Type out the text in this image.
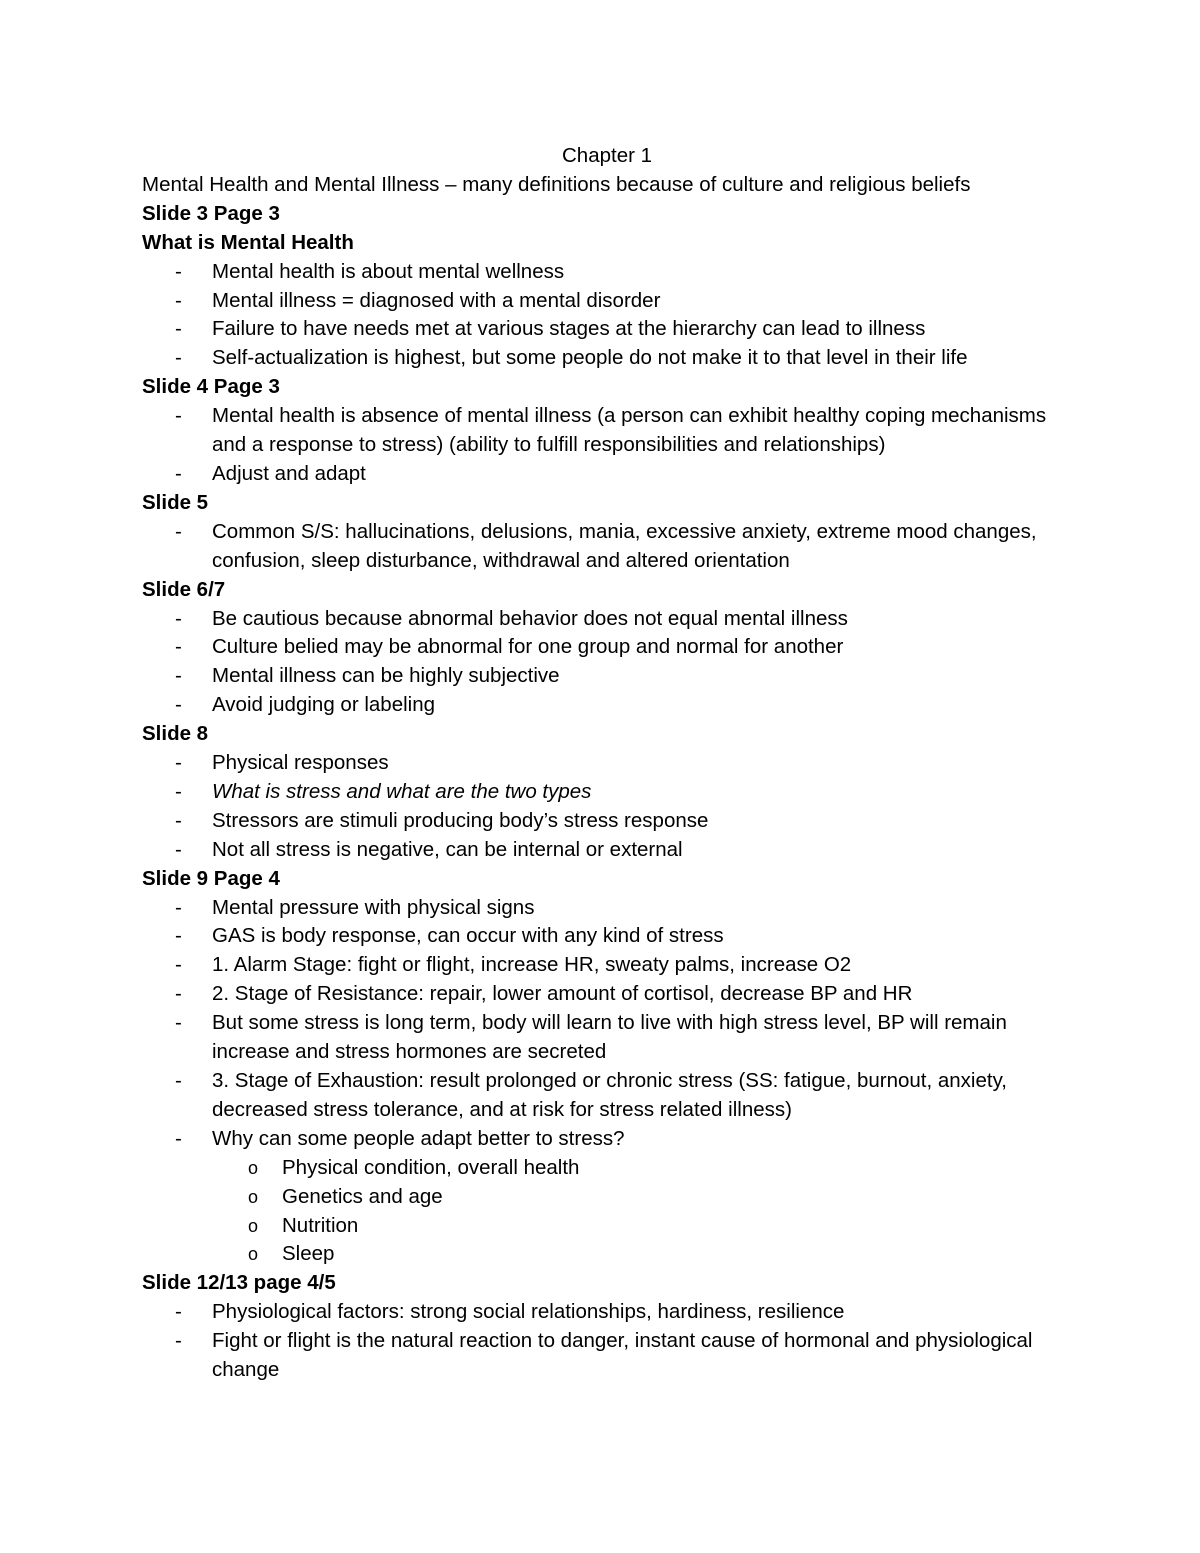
Chapter 1

Mental Health and Mental Illness – many definitions because of culture and religious beliefs

Slide 3 Page 3

What is Mental Health

- Mental health is about mental wellness
- Mental illness = diagnosed with a mental disorder
- Failure to have needs met at various stages at the hierarchy can lead to illness
- Self-actualization is highest, but some people do not make it to that level in their life

Slide 4 Page 3

- Mental health is absence of mental illness (a person can exhibit healthy coping mechanisms and a response to stress) (ability to fulfill responsibilities and relationships)
- Adjust and adapt

Slide 5

- Common S/S: hallucinations, delusions, mania, excessive anxiety, extreme mood changes, confusion, sleep disturbance, withdrawal and altered orientation

Slide 6/7

- Be cautious because abnormal behavior does not equal mental illness
- Culture belied may be abnormal for one group and normal for another
- Mental illness can be highly subjective
- Avoid judging or labeling

Slide 8

- Physical responses
- What is stress and what are the two types
- Stressors are stimuli producing body’s stress response
- Not all stress is negative, can be internal or external

Slide 9 Page 4

- Mental pressure with physical signs
- GAS is body response, can occur with any kind of stress
- 1. Alarm Stage: fight or flight, increase HR, sweaty palms, increase O2
- 2. Stage of Resistance: repair, lower amount of cortisol, decrease BP and HR
- But some stress is long term, body will learn to live with high stress level, BP will remain increase and stress hormones are secreted
- 3. Stage of Exhaustion: result prolonged or chronic stress (SS: fatigue, burnout, anxiety, decreased stress tolerance, and at risk for stress related illness)
- Why can some people adapt better to stress?
o Physical condition, overall health
o Genetics and age
o Nutrition
o Sleep

Slide 12/13 page 4/5

- Physiological factors: strong social relationships, hardiness, resilience
- Fight or flight is the natural reaction to danger, instant cause of hormonal and physiological change
